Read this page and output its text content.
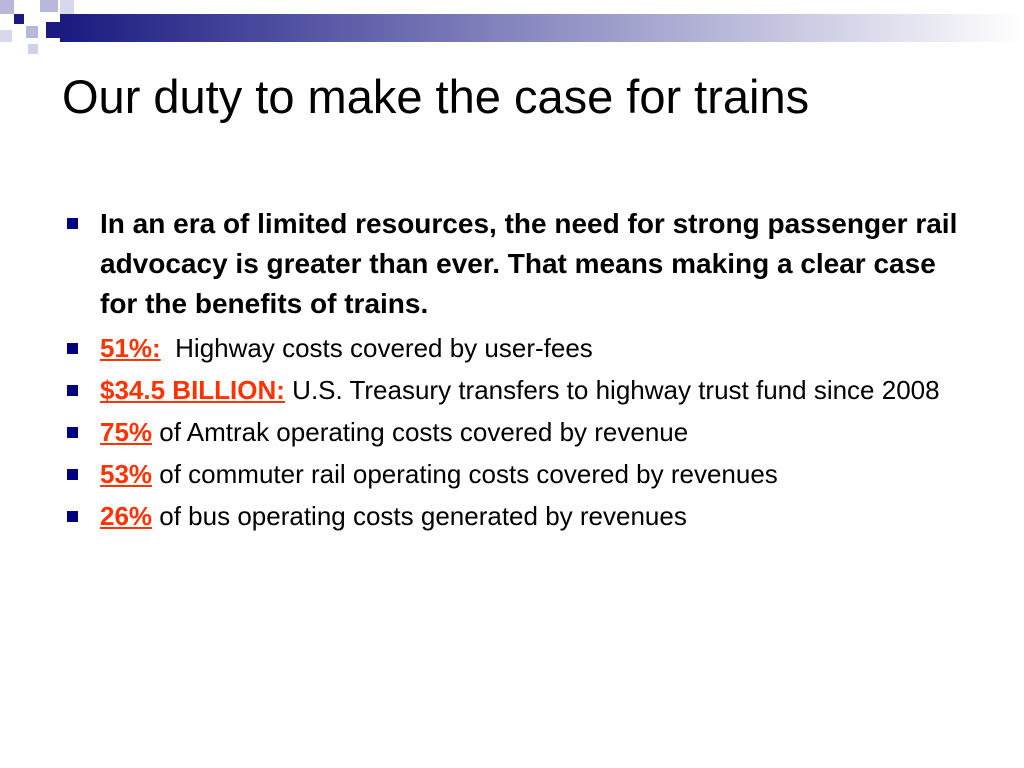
Our duty to make the case for trains
In an era of limited resources, the need for strong passenger rail advocacy is greater than ever. That means making a clear case for the benefits of trains.
51%:  Highway costs covered by user-fees
$34.5 BILLION: U.S. Treasury transfers to highway trust fund since 2008
75% of Amtrak operating costs covered by revenue
53% of commuter rail operating costs covered by revenues
26% of bus operating costs generated by revenues
